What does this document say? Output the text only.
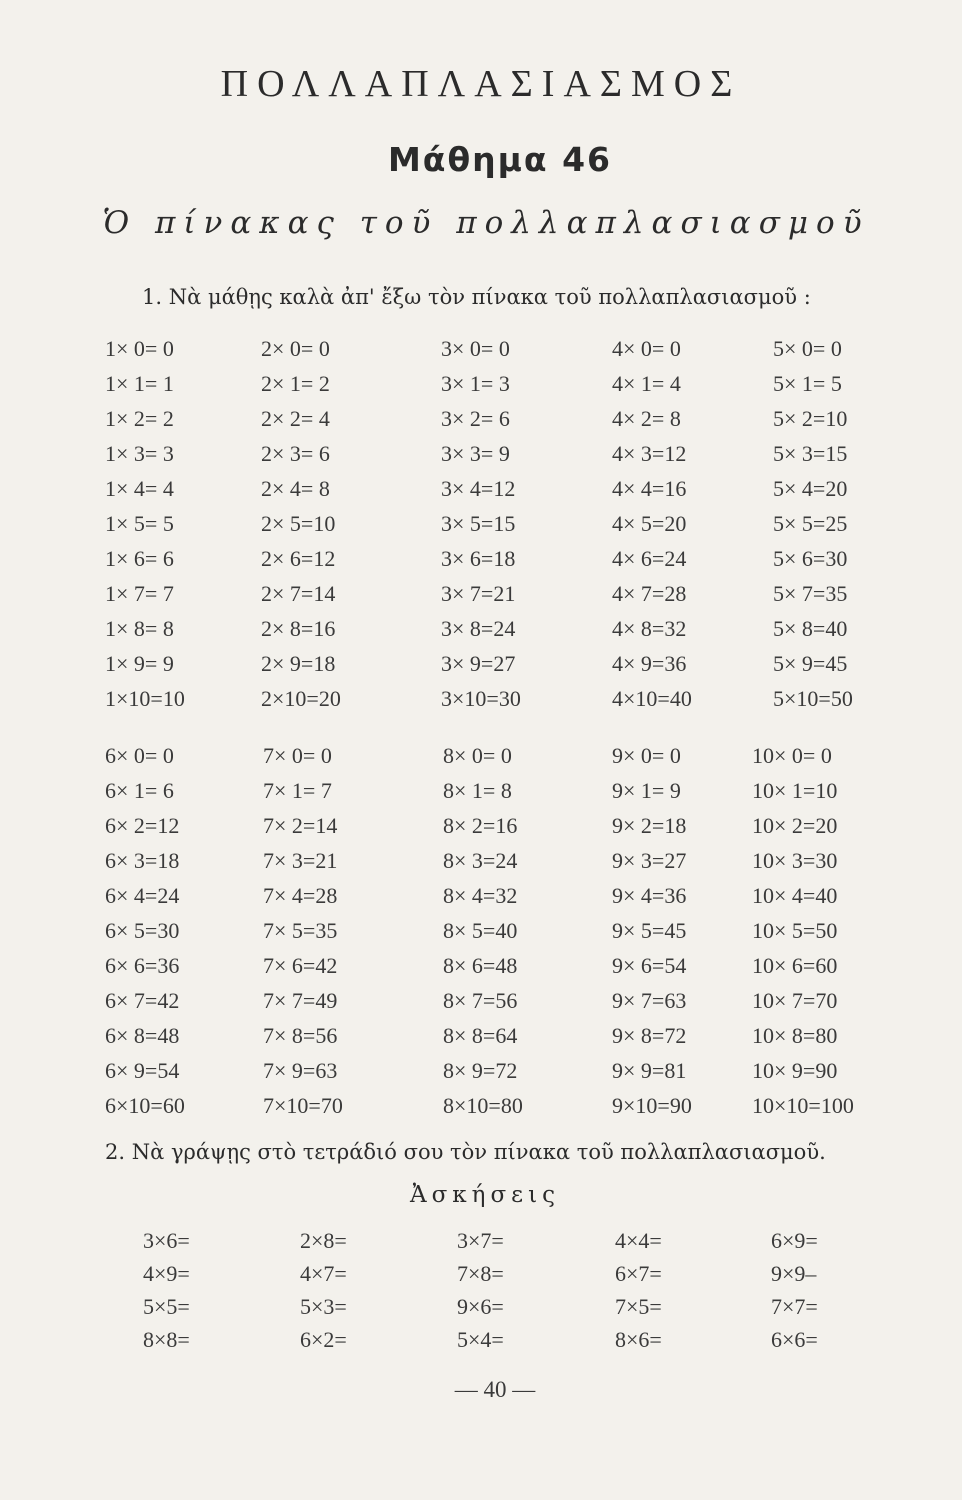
ΠΟΛΛΑΠΛΑΣΙΑΣΜΟΣ
Μάθημα 46
Ὁ πίνακας τοῦ πολλαπλασιασμοῦ
1. Νὰ μάθῃς καλὰ ἀπ' ἔξω τὸν πίνακα τοῦ πολλαπλασιασμοῦ :
1× 0= 0
1× 1= 1
1× 2= 2
1× 3= 3
1× 4= 4
1× 5= 5
1× 6= 6
1× 7= 7
1× 8= 8
1× 9= 9
1×10=10
2× 0= 0
2× 1= 2
2× 2= 4
2× 3= 6
2× 4= 8
2× 5=10
2× 6=12
2× 7=14
2× 8=16
2× 9=18
2×10=20
3× 0= 0
3× 1= 3
3× 2= 6
3× 3= 9
3× 4=12
3× 5=15
3× 6=18
3× 7=21
3× 8=24
3× 9=27
3×10=30
4× 0= 0
4× 1= 4
4× 2= 8
4× 3=12
4× 4=16
4× 5=20
4× 6=24
4× 7=28
4× 8=32
4× 9=36
4×10=40
5× 0= 0
5× 1= 5
5× 2=10
5× 3=15
5× 4=20
5× 5=25
5× 6=30
5× 7=35
5× 8=40
5× 9=45
5×10=50
6× 0= 0
6× 1= 6
6× 2=12
6× 3=18
6× 4=24
6× 5=30
6× 6=36
6× 7=42
6× 8=48
6× 9=54
6×10=60
7× 0= 0
7× 1= 7
7× 2=14
7× 3=21
7× 4=28
7× 5=35
7× 6=42
7× 7=49
7× 8=56
7× 9=63
7×10=70
8× 0= 0
8× 1= 8
8× 2=16
8× 3=24
8× 4=32
8× 5=40
8× 6=48
8× 7=56
8× 8=64
8× 9=72
8×10=80
9× 0= 0
9× 1= 9
9× 2=18
9× 3=27
9× 4=36
9× 5=45
9× 6=54
9× 7=63
9× 8=72
9× 9=81
9×10=90
10× 0= 0
10× 1=10
10× 2=20
10× 3=30
10× 4=40
10× 5=50
10× 6=60
10× 7=70
10× 8=80
10× 9=90
10×10=100
2. Νὰ γράψῃς στὸ τετράδιό σου τὸν πίνακα τοῦ πολλαπλασιασμοῦ.
Ἀσκήσεις
3×6=
4×9=
5×5=
8×8=
2×8=
4×7=
5×3=
6×2=
3×7=
7×8=
9×6=
5×4=
4×4=
6×7=
7×5=
8×6=
6×9=
9×9–
7×7=
6×6=
— 40 —
